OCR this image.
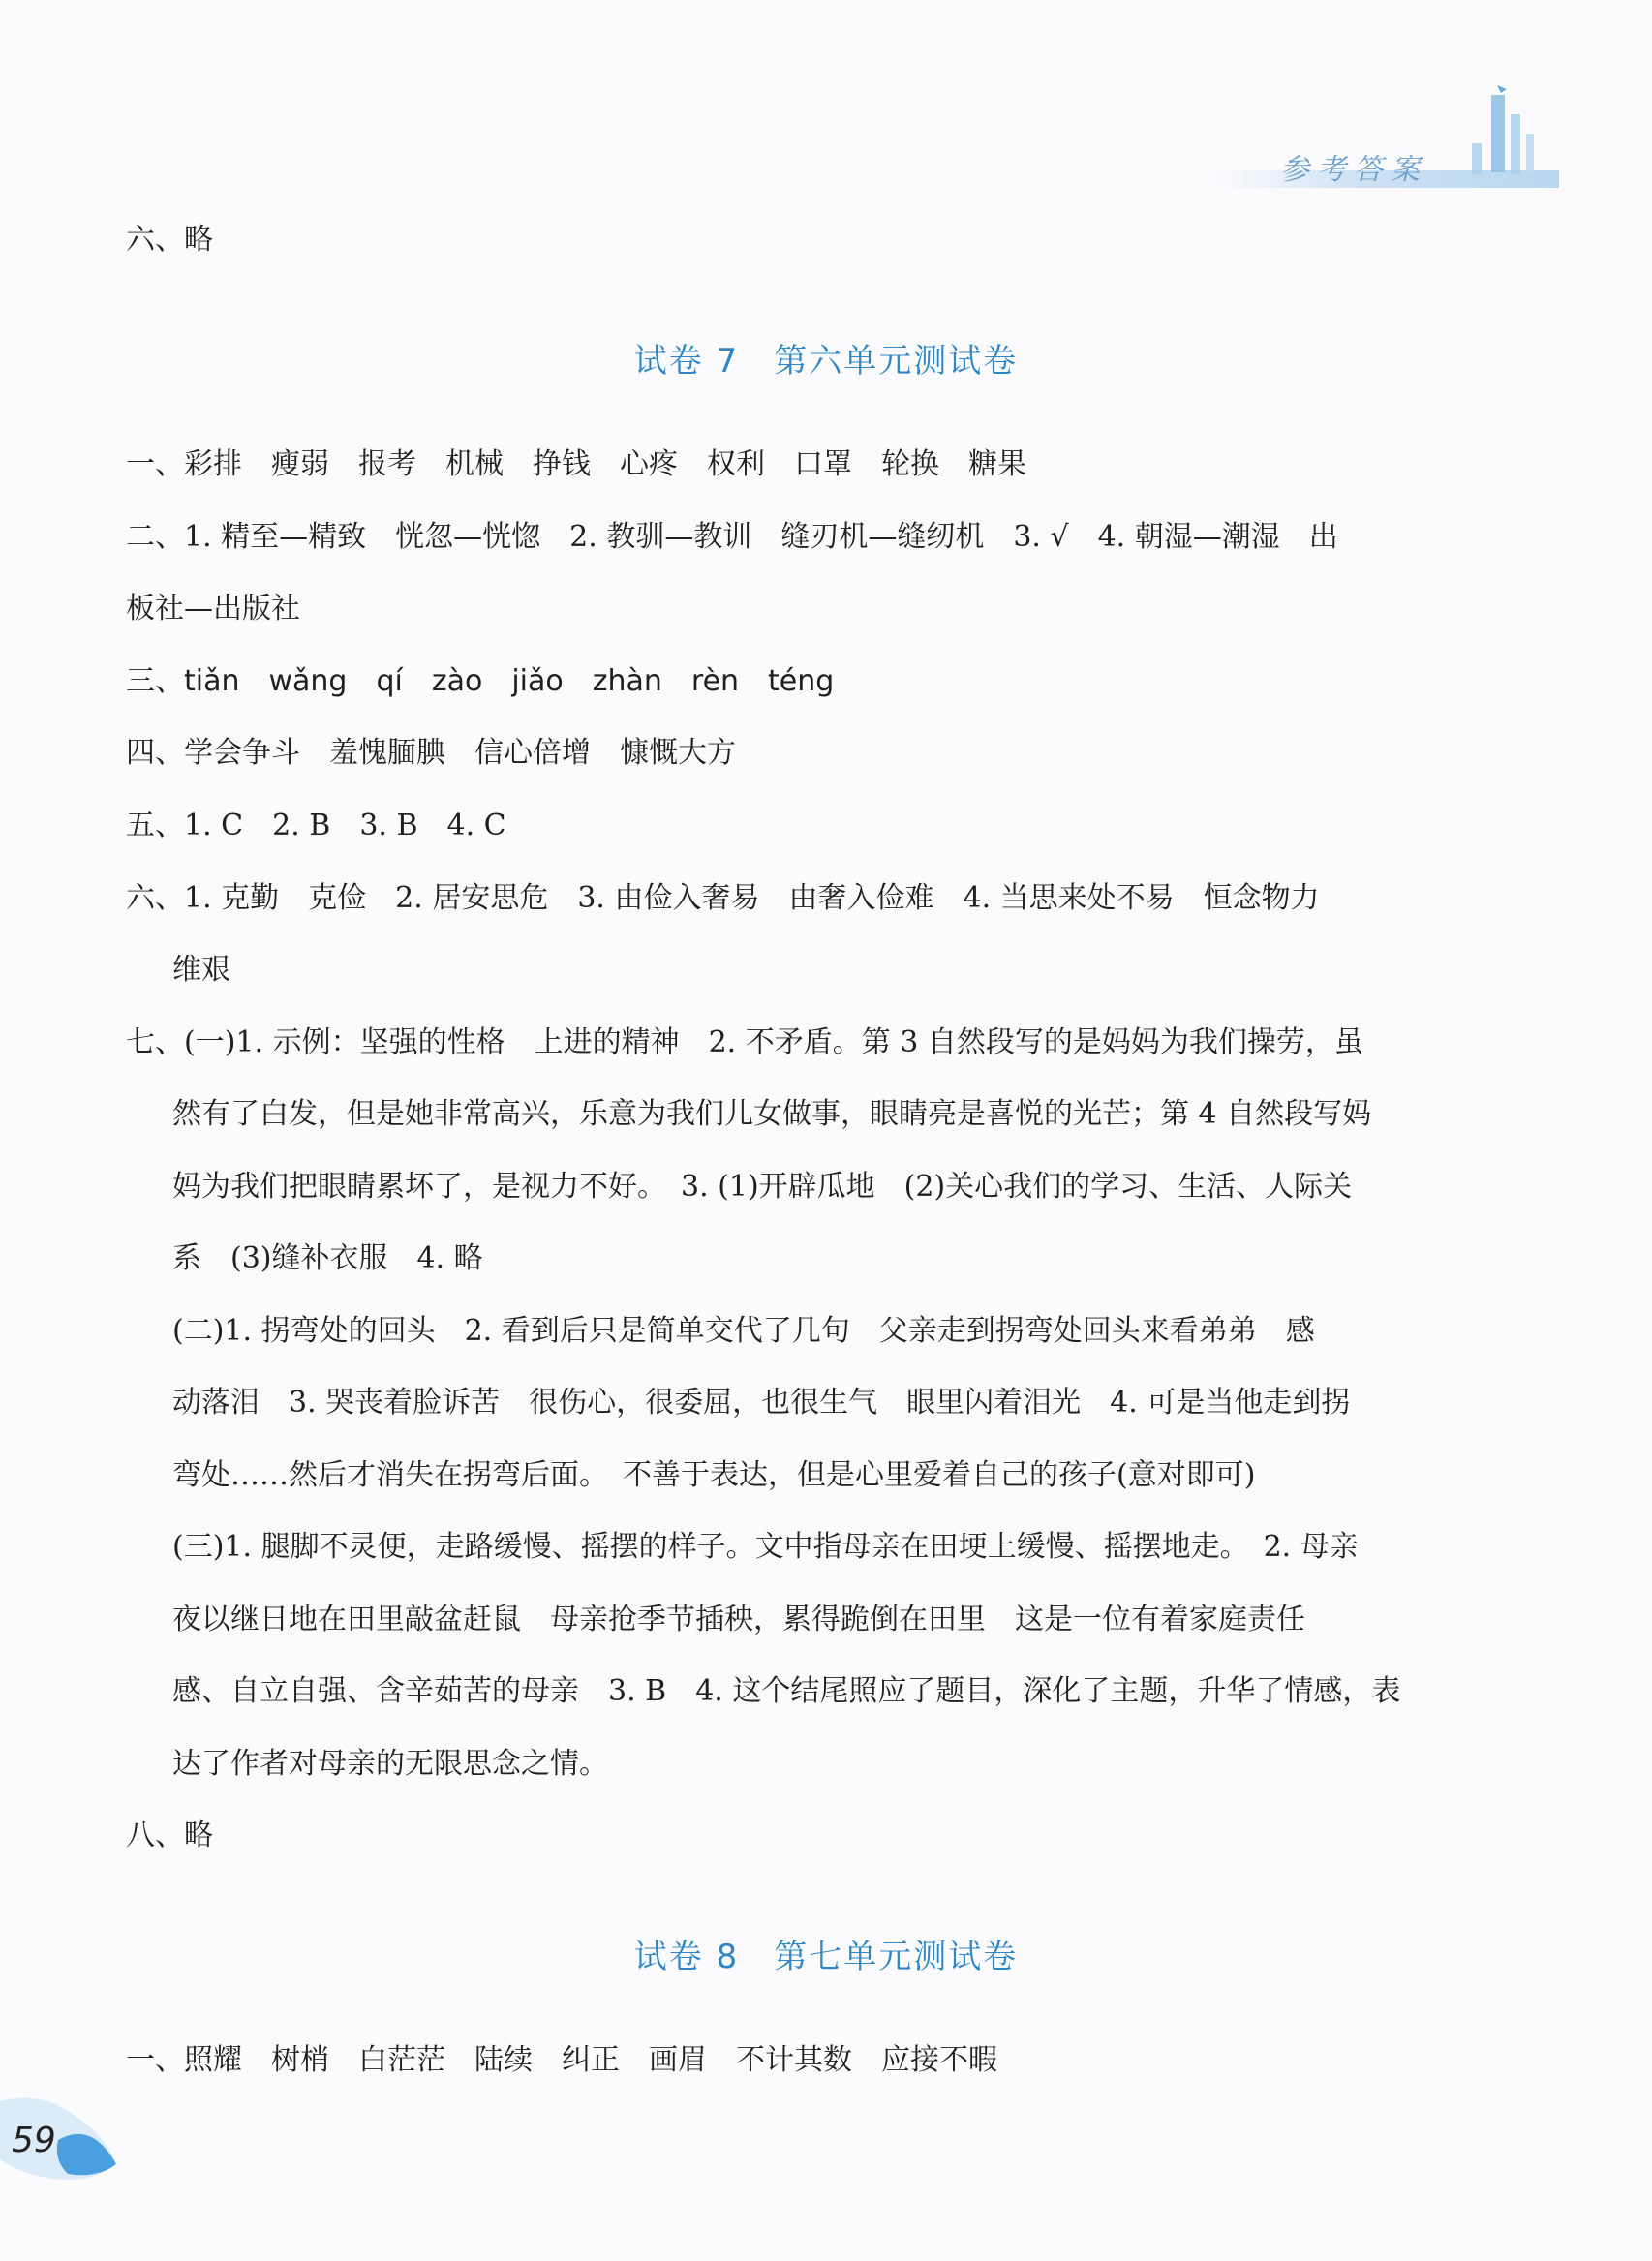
参考答案
六、略
试卷 7　第六单元测试卷
一、彩排　瘦弱　报考　机械　挣钱　心疼　权利　口罩　轮换　糖果
二、1. 精至—精致　恍忽—恍惚　2. 教驯—教训　缝刃机—缝纫机　3. √　4. 朝湿—潮湿　出
板社—出版社
三、tiǎn　wǎng　qí　zào　jiǎo　zhàn　rèn　téng
四、学会争斗　羞愧腼腆　信心倍增　慷慨大方
五、1. C　2. B　3. B　4. C
六、1. 克勤　克俭　2. 居安思危　3. 由俭入奢易　由奢入俭难　4. 当思来处不易　恒念物力
维艰
七、(一)1. 示例：坚强的性格　上进的精神　2. 不矛盾。第 3 自然段写的是妈妈为我们操劳，虽
然有了白发，但是她非常高兴，乐意为我们儿女做事，眼睛亮是喜悦的光芒；第 4 自然段写妈
妈为我们把眼睛累坏了，是视力不好。　3. (1)开辟瓜地　(2)关心我们的学习、生活、人际关
系　(3)缝补衣服　4. 略
(二)1. 拐弯处的回头　2. 看到后只是简单交代了几句　父亲走到拐弯处回头来看弟弟　感
动落泪　3. 哭丧着脸诉苦　很伤心，很委屈，也很生气　眼里闪着泪光　4. 可是当他走到拐
弯处……然后才消失在拐弯后面。　不善于表达，但是心里爱着自己的孩子(意对即可)
(三)1. 腿脚不灵便，走路缓慢、摇摆的样子。文中指母亲在田埂上缓慢、摇摆地走。　2. 母亲
夜以继日地在田里敲盆赶鼠　母亲抢季节插秧，累得跪倒在田里　这是一位有着家庭责任
感、自立自强、含辛茹苦的母亲　3. B　4. 这个结尾照应了题目，深化了主题，升华了情感，表
达了作者对母亲的无限思念之情。
八、略
试卷 8　第七单元测试卷
一、照耀　树梢　白茫茫　陆续　纠正　画眉　不计其数　应接不暇
59
